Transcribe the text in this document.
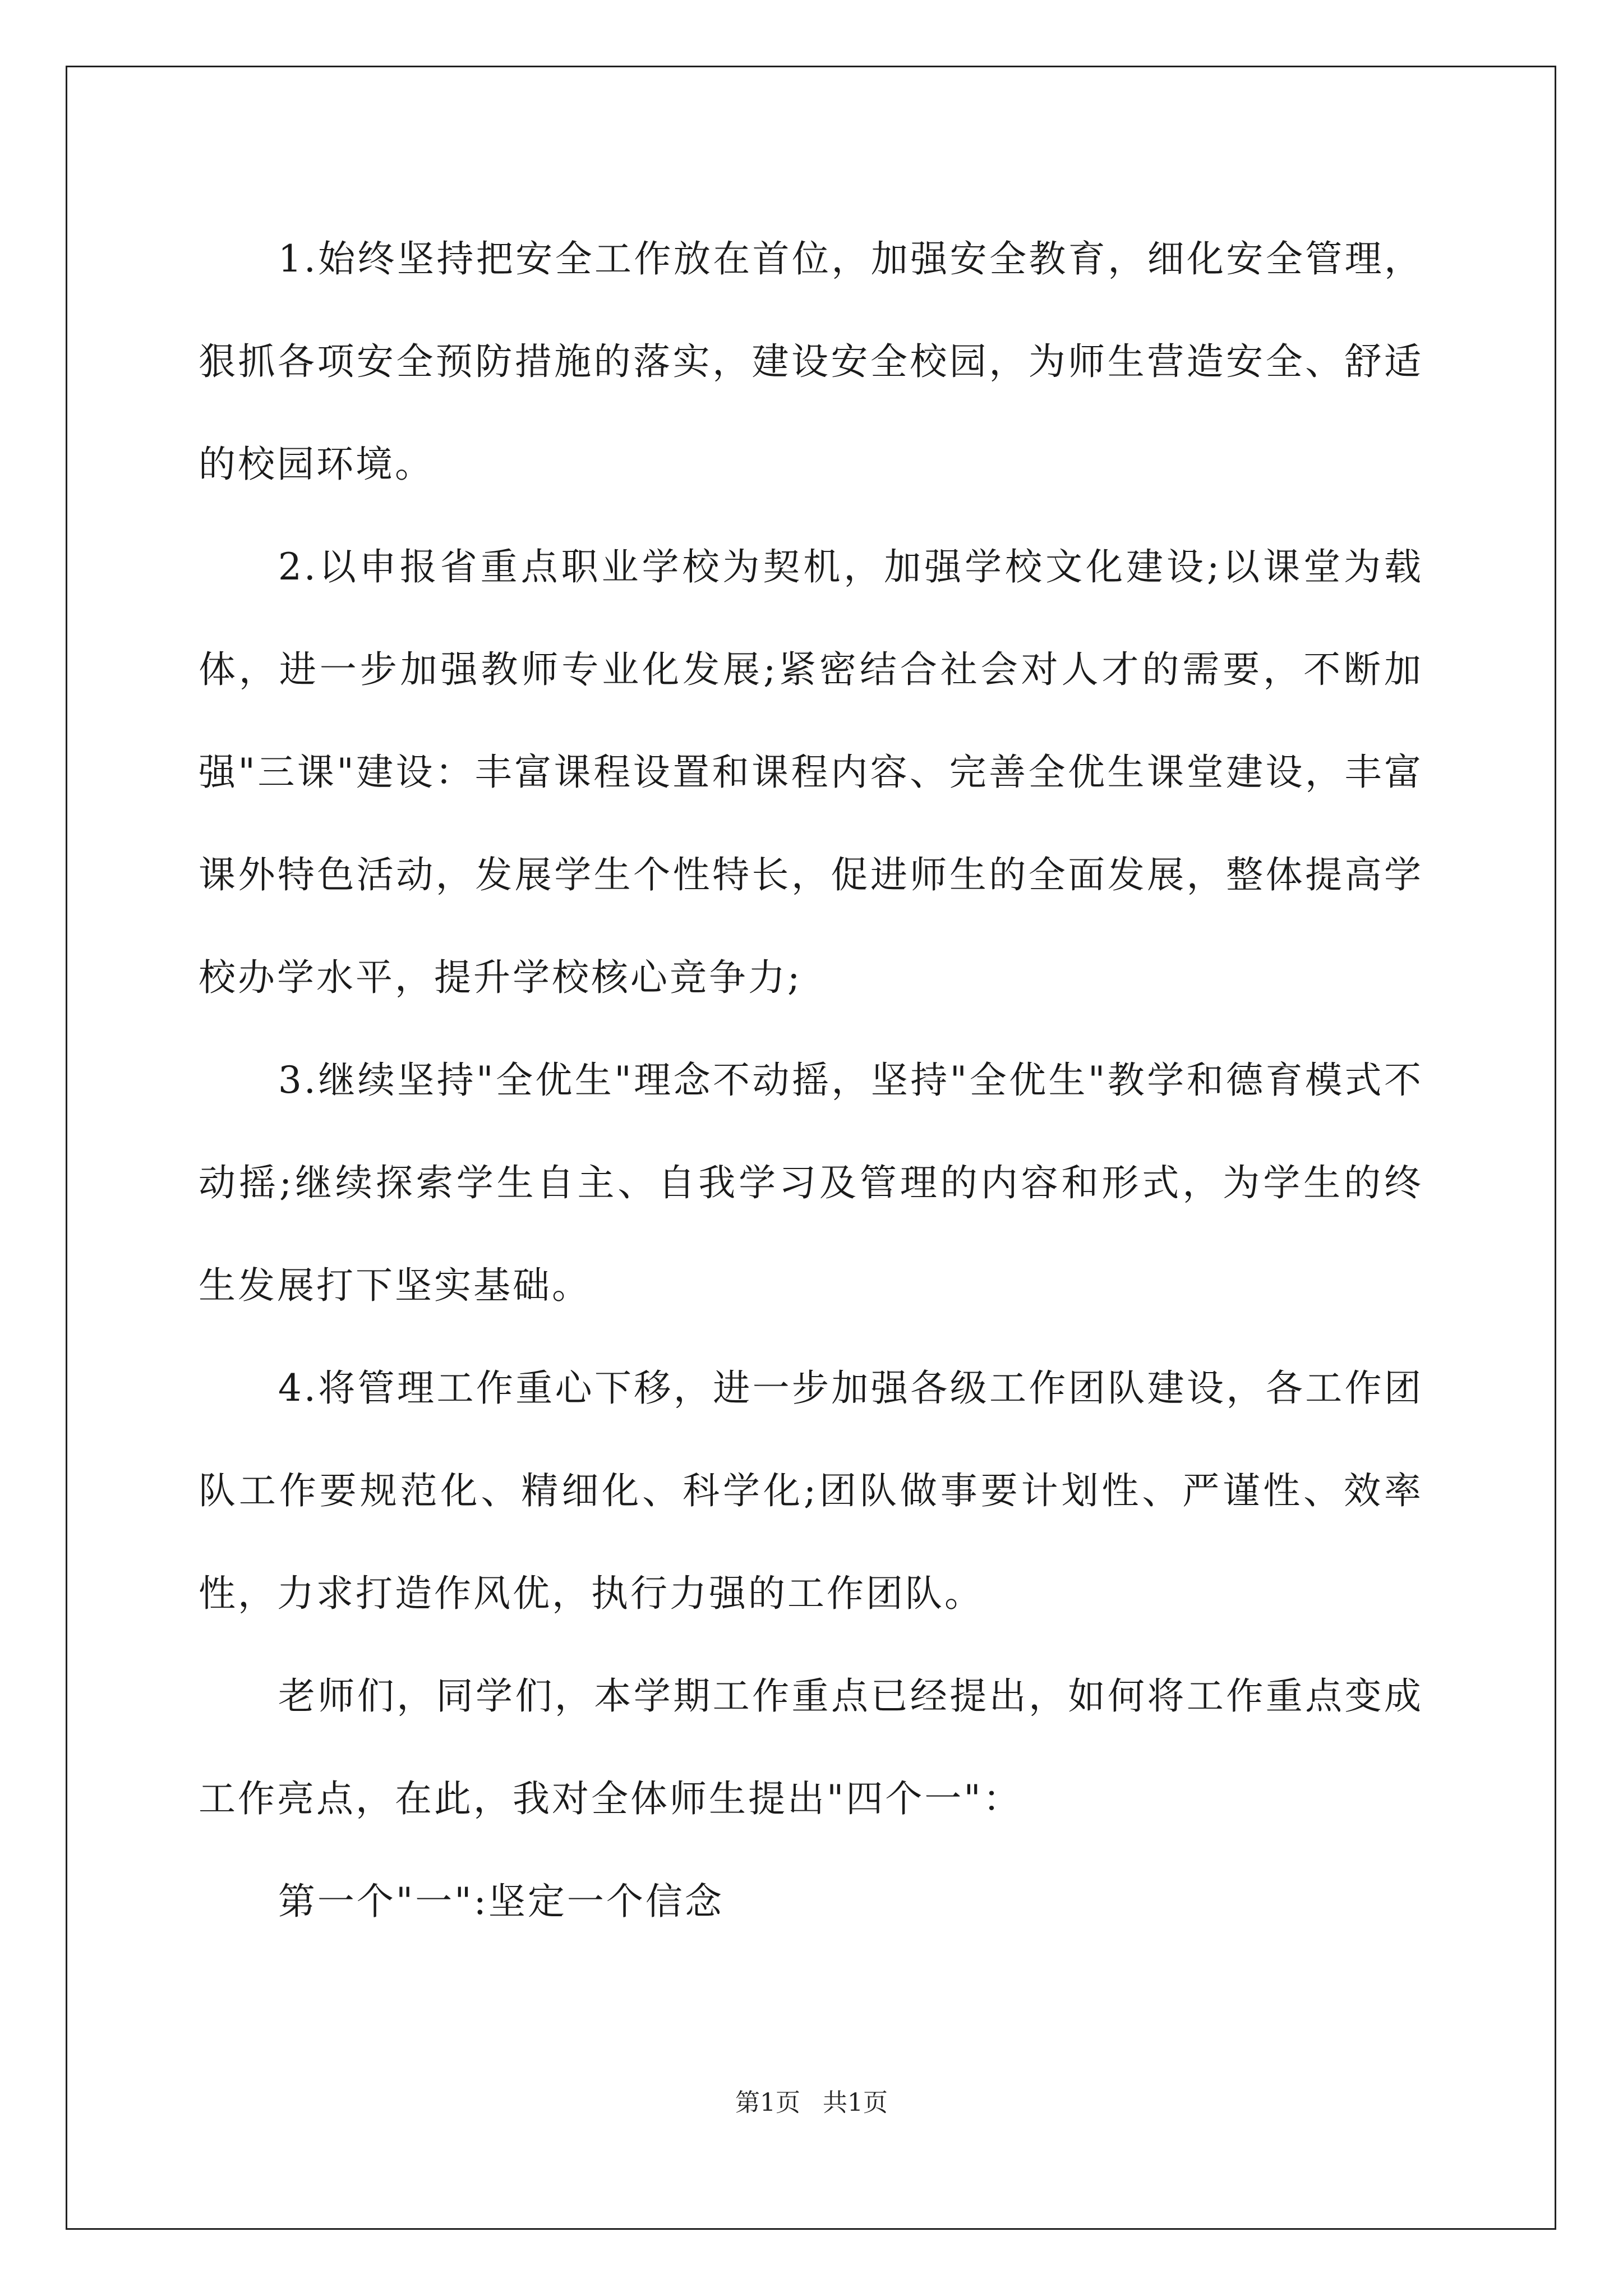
1.始终坚持把安全工作放在首位，加强安全教育，细化安全管理，狠抓各项安全预防措施的落实，建设安全校园，为师生营造安全、舒适的校园环境。

2.以申报省重点职业学校为契机，加强学校文化建设;以课堂为载体，进一步加强教师专业化发展;紧密结合社会对人才的需要，不断加强"三课"建设：丰富课程设置和课程内容、完善全优生课堂建设，丰富课外特色活动，发展学生个性特长，促进师生的全面发展，整体提高学校办学水平，提升学校核心竞争力;

3.继续坚持"全优生"理念不动摇，坚持"全优生"教学和德育模式不动摇;继续探索学生自主、自我学习及管理的内容和形式，为学生的终生发展打下坚实基础。

4.将管理工作重心下移，进一步加强各级工作团队建设，各工作团队工作要规范化、精细化、科学化;团队做事要计划性、严谨性、效率性，力求打造作风优，执行力强的工作团队。

老师们，同学们，本学期工作重点已经提出，如何将工作重点变成工作亮点，在此，我对全体师生提出"四个一"：

第一个"一":坚定一个信念

第1页 共1页
